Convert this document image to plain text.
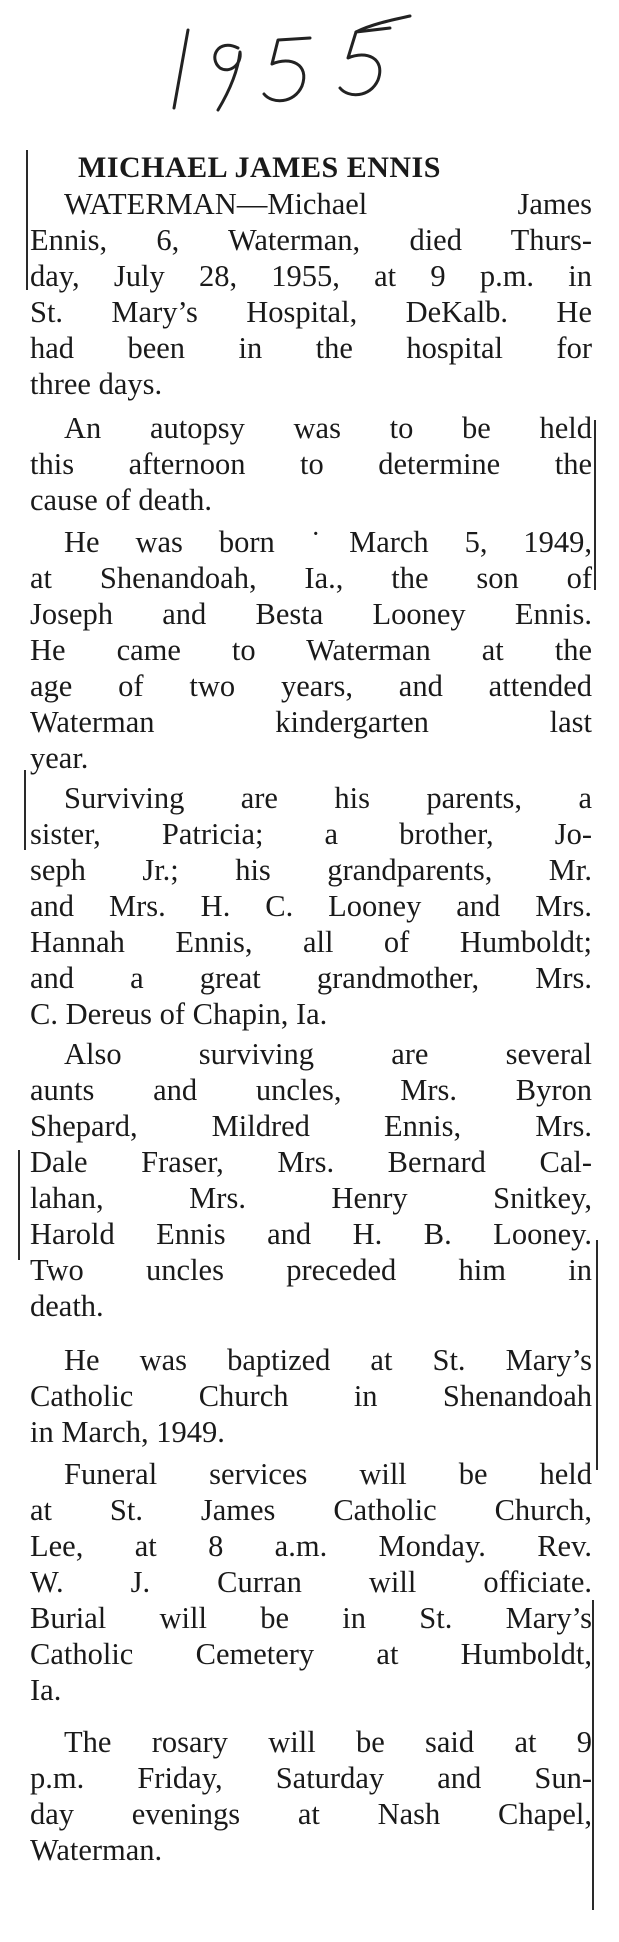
MICHAEL JAMES ENNIS
WATERMAN—Michael James
Ennis, 6, Waterman, died Thurs-
day, July 28, 1955, at 9 p.m. in
St. Mary’s Hospital, DeKalb. He
had been in the hospital for
three days.
An autopsy was to be held
this afternoon to determine the
cause of death.
He was born ˙March 5, 1949,
at Shenandoah, Ia., the son of
Joseph and Besta Looney Ennis.
He came to Waterman at the
age of two years, and attended
Waterman kindergarten last
year.
Surviving are his parents, a
sister, Patricia; a brother, Jo-
seph Jr.; his grandparents, Mr.
and Mrs. H. C. Looney and Mrs.
Hannah Ennis, all of Humboldt;
and a great grandmother, Mrs.
C. Dereus of Chapin, Ia.
Also surviving are several
aunts and uncles, Mrs. Byron
Shepard, Mildred Ennis, Mrs.
Dale Fraser, Mrs. Bernard Cal-
lahan, Mrs. Henry Snitkey,
Harold Ennis and H. B. Looney.
Two uncles preceded him in
death.
He was baptized at St. Mary’s
Catholic Church in Shenandoah
in March, 1949.
Funeral services will be held
at St. James Catholic Church,
Lee, at 8 a.m. Monday. Rev.
W. J. Curran will officiate.
Burial will be in St. Mary’s
Catholic Cemetery at Humboldt,
Ia.
The rosary will be said at 9
p.m. Friday, Saturday and Sun-
day evenings at Nash Chapel,
Waterman.
